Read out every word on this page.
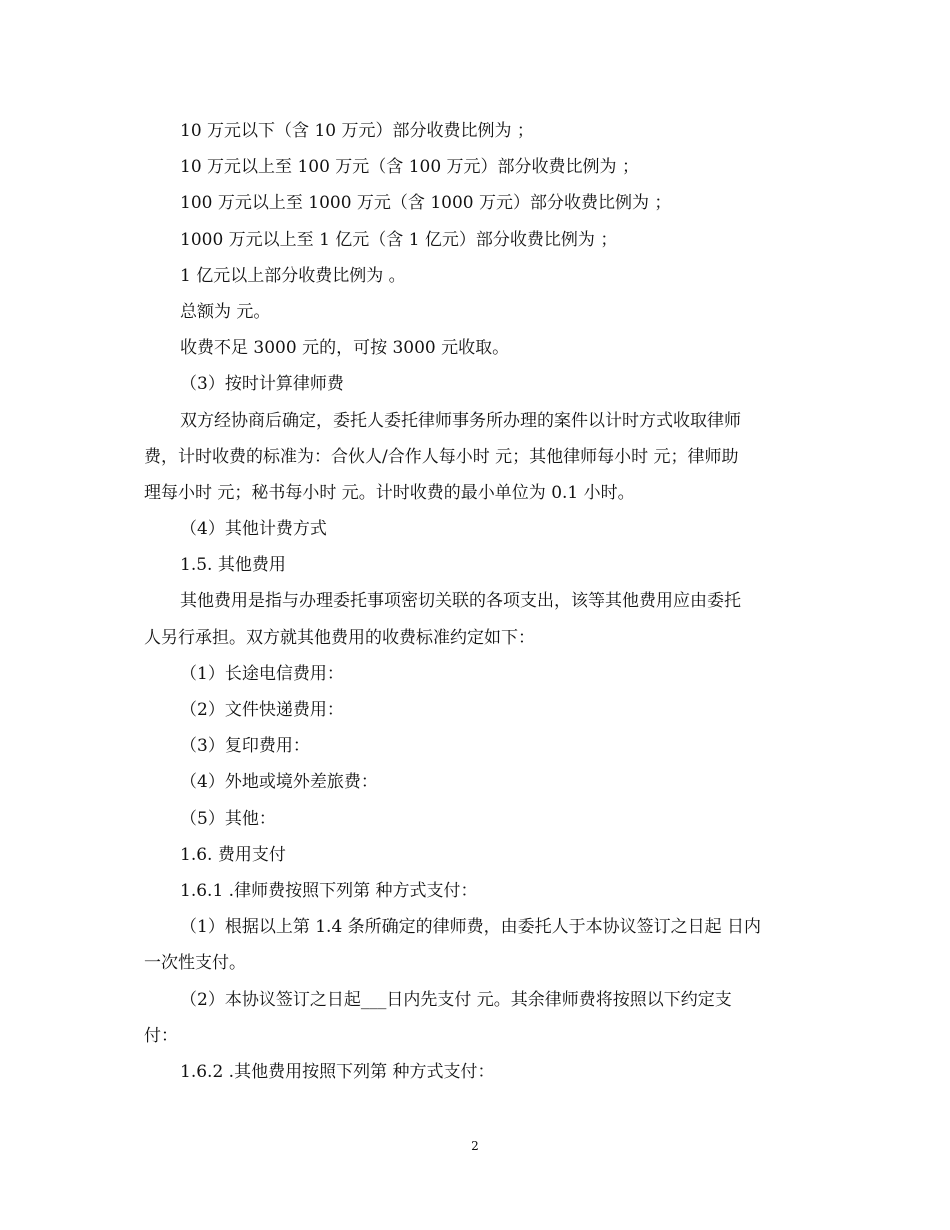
10 万元以下（含 10 万元）部分收费比例为 ；
10 万元以上至 100 万元（含 100 万元）部分收费比例为 ；
100 万元以上至 1000 万元（含 1000 万元）部分收费比例为 ；
1000 万元以上至 1 亿元（含 1 亿元）部分收费比例为 ；
1 亿元以上部分收费比例为 。
总额为 元。
收费不足 3000 元的，可按 3000 元收取。
（3）按时计算律师费
双方经协商后确定，委托人委托律师事务所办理的案件以计时方式收取律师
费，计时收费的标准为：合伙人/合作人每小时 元；其他律师每小时 元；律师助
理每小时 元；秘书每小时 元。计时收费的最小单位为 0.1 小时。
（4）其他计费方式
1.5. 其他费用
其他费用是指与办理委托事项密切关联的各项支出，该等其他费用应由委托
人另行承担。双方就其他费用的收费标准约定如下：
（1）长途电信费用：
（2）文件快递费用：
（3）复印费用：
（4）外地或境外差旅费：
（5）其他：
1.6. 费用支付
1.6.1 .律师费按照下列第 种方式支付：
（1）根据以上第 1.4 条所确定的律师费，由委托人于本协议签订之日起 日内
一次性支付。
（2）本协议签订之日起___日内先支付 元。其余律师费将按照以下约定支
付：
1.6.2 .其他费用按照下列第 种方式支付：
2
